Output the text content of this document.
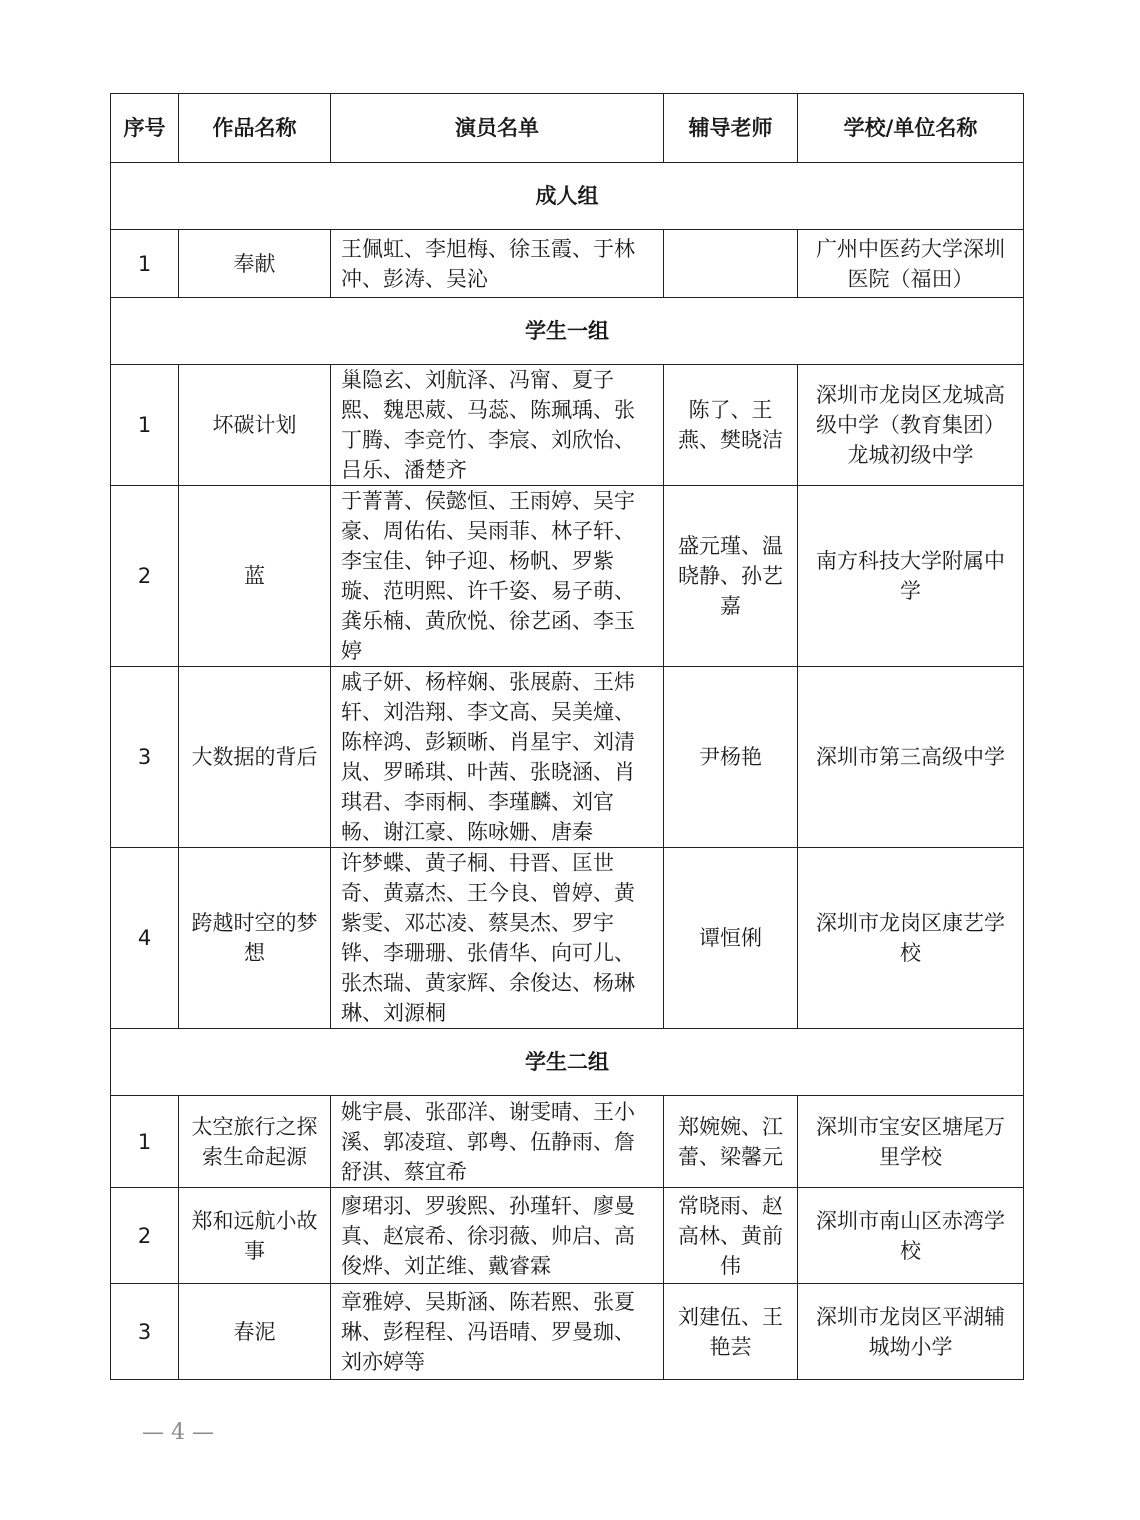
序号	作品名称	演员名单	辅导老师	学校/单位名称
成人组				
1	奉献	王佩虹、李旭梅、徐玉霞、于林冲、彭涛、吴沁		广州中医药大学深圳医院（福田）
学生一组				
1	坏碳计划	巢隐玄、刘航泽、冯甯、夏子熙、魏思葳、马蕊、陈珮瑀、张丁腾、李竞竹、李宸、刘欣怡、吕乐、潘楚齐	陈了、王燕、樊晓洁	深圳市龙岗区龙城高级中学（教育集团）龙城初级中学
2	蓝	于菁菁、侯懿恒、王雨婷、吴宇豪、周佑佑、吴雨菲、林子轩、李宝佳、钟子迎、杨帆、罗紫璇、范明熙、许千姿、易子萌、龚乐楠、黄欣悦、徐艺函、李玉婷	盛元瑾、温晓静、孙艺嘉	南方科技大学附属中学
3	大数据的背后	戚子妍、杨梓娴、张展蔚、王炜轩、刘浩翔、李文高、吴美燑、陈梓鸿、彭颖晰、肖星宇、刘清岚、罗晞琪、叶茜、张晓涵、肖琪君、李雨桐、李瑾麟、刘官畅、谢江豪、陈咏姗、唐秦	尹杨艳	深圳市第三高级中学
4	跨越时空的梦想	许梦蝶、黄子桐、冄晋、匡世奇、黄嘉杰、王今良、曾婷、黄紫雯、邓芯凌、蔡昊杰、罗宇铧、李珊珊、张倩华、向可儿、张杰瑞、黄家辉、余俊达、杨琳琳、刘源桐	谭恒俐	深圳市龙岗区康艺学校
学生二组				
1	太空旅行之探索生命起源	姚宇晨、张邵洋、谢雯晴、王小溪、郭凌瑄、郭粤、伍静雨、詹舒淇、蔡宜希	郑婉婉、江蕾、梁馨元	深圳市宝安区塘尾万里学校
2	郑和远航小故事	廖珺羽、罗骏熙、孙瑾轩、廖曼真、赵宸希、徐羽薇、帅启、高俊烨、刘芷维、戴睿霖	常晓雨、赵高林、黄前伟	深圳市南山区赤湾学校
3	春泥	章雅婷、吴斯涵、陈若熙、张夏琳、彭程程、冯语晴、罗曼珈、刘亦婷等	刘建伍、王艳芸	深圳市龙岗区平湖辅城坳小学
— 4 —
